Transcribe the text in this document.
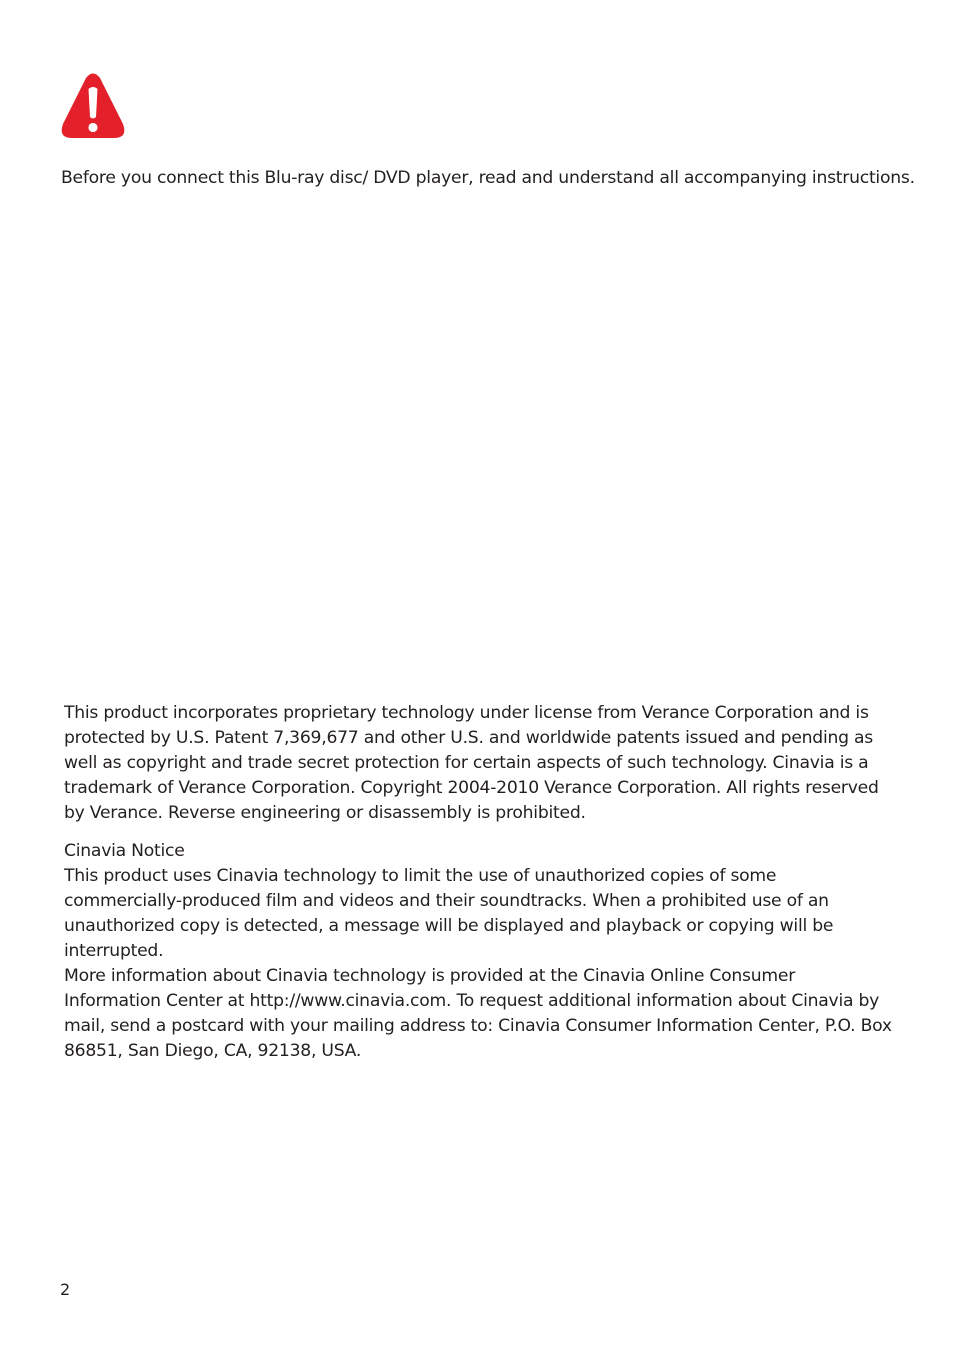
Before you connect this Blu-ray disc/ DVD player, read and understand all accompanying instructions.

This product incorporates proprietary technology under license from Verance Corporation and is protected by U.S. Patent 7,369,677 and other U.S. and worldwide patents issued and pending as well as copyright and trade secret protection for certain aspects of such technology. Cinavia is a trademark of Verance Corporation. Copyright 2004-2010 Verance Corporation. All rights reserved by Verance. Reverse engineering or disassembly is prohibited.

Cinavia Notice

This product uses Cinavia technology to limit the use of unauthorized copies of some commercially-produced film and videos and their soundtracks. When a prohibited use of an unauthorized copy is detected, a message will be displayed and playback or copying will be interrupted.

More information about Cinavia technology is provided at the Cinavia Online Consumer Information Center at http://www.cinavia.com. To request additional information about Cinavia by mail, send a postcard with your mailing address to: Cinavia Consumer Information Center, P.O. Box 86851, San Diego, CA, 92138, USA.

2
